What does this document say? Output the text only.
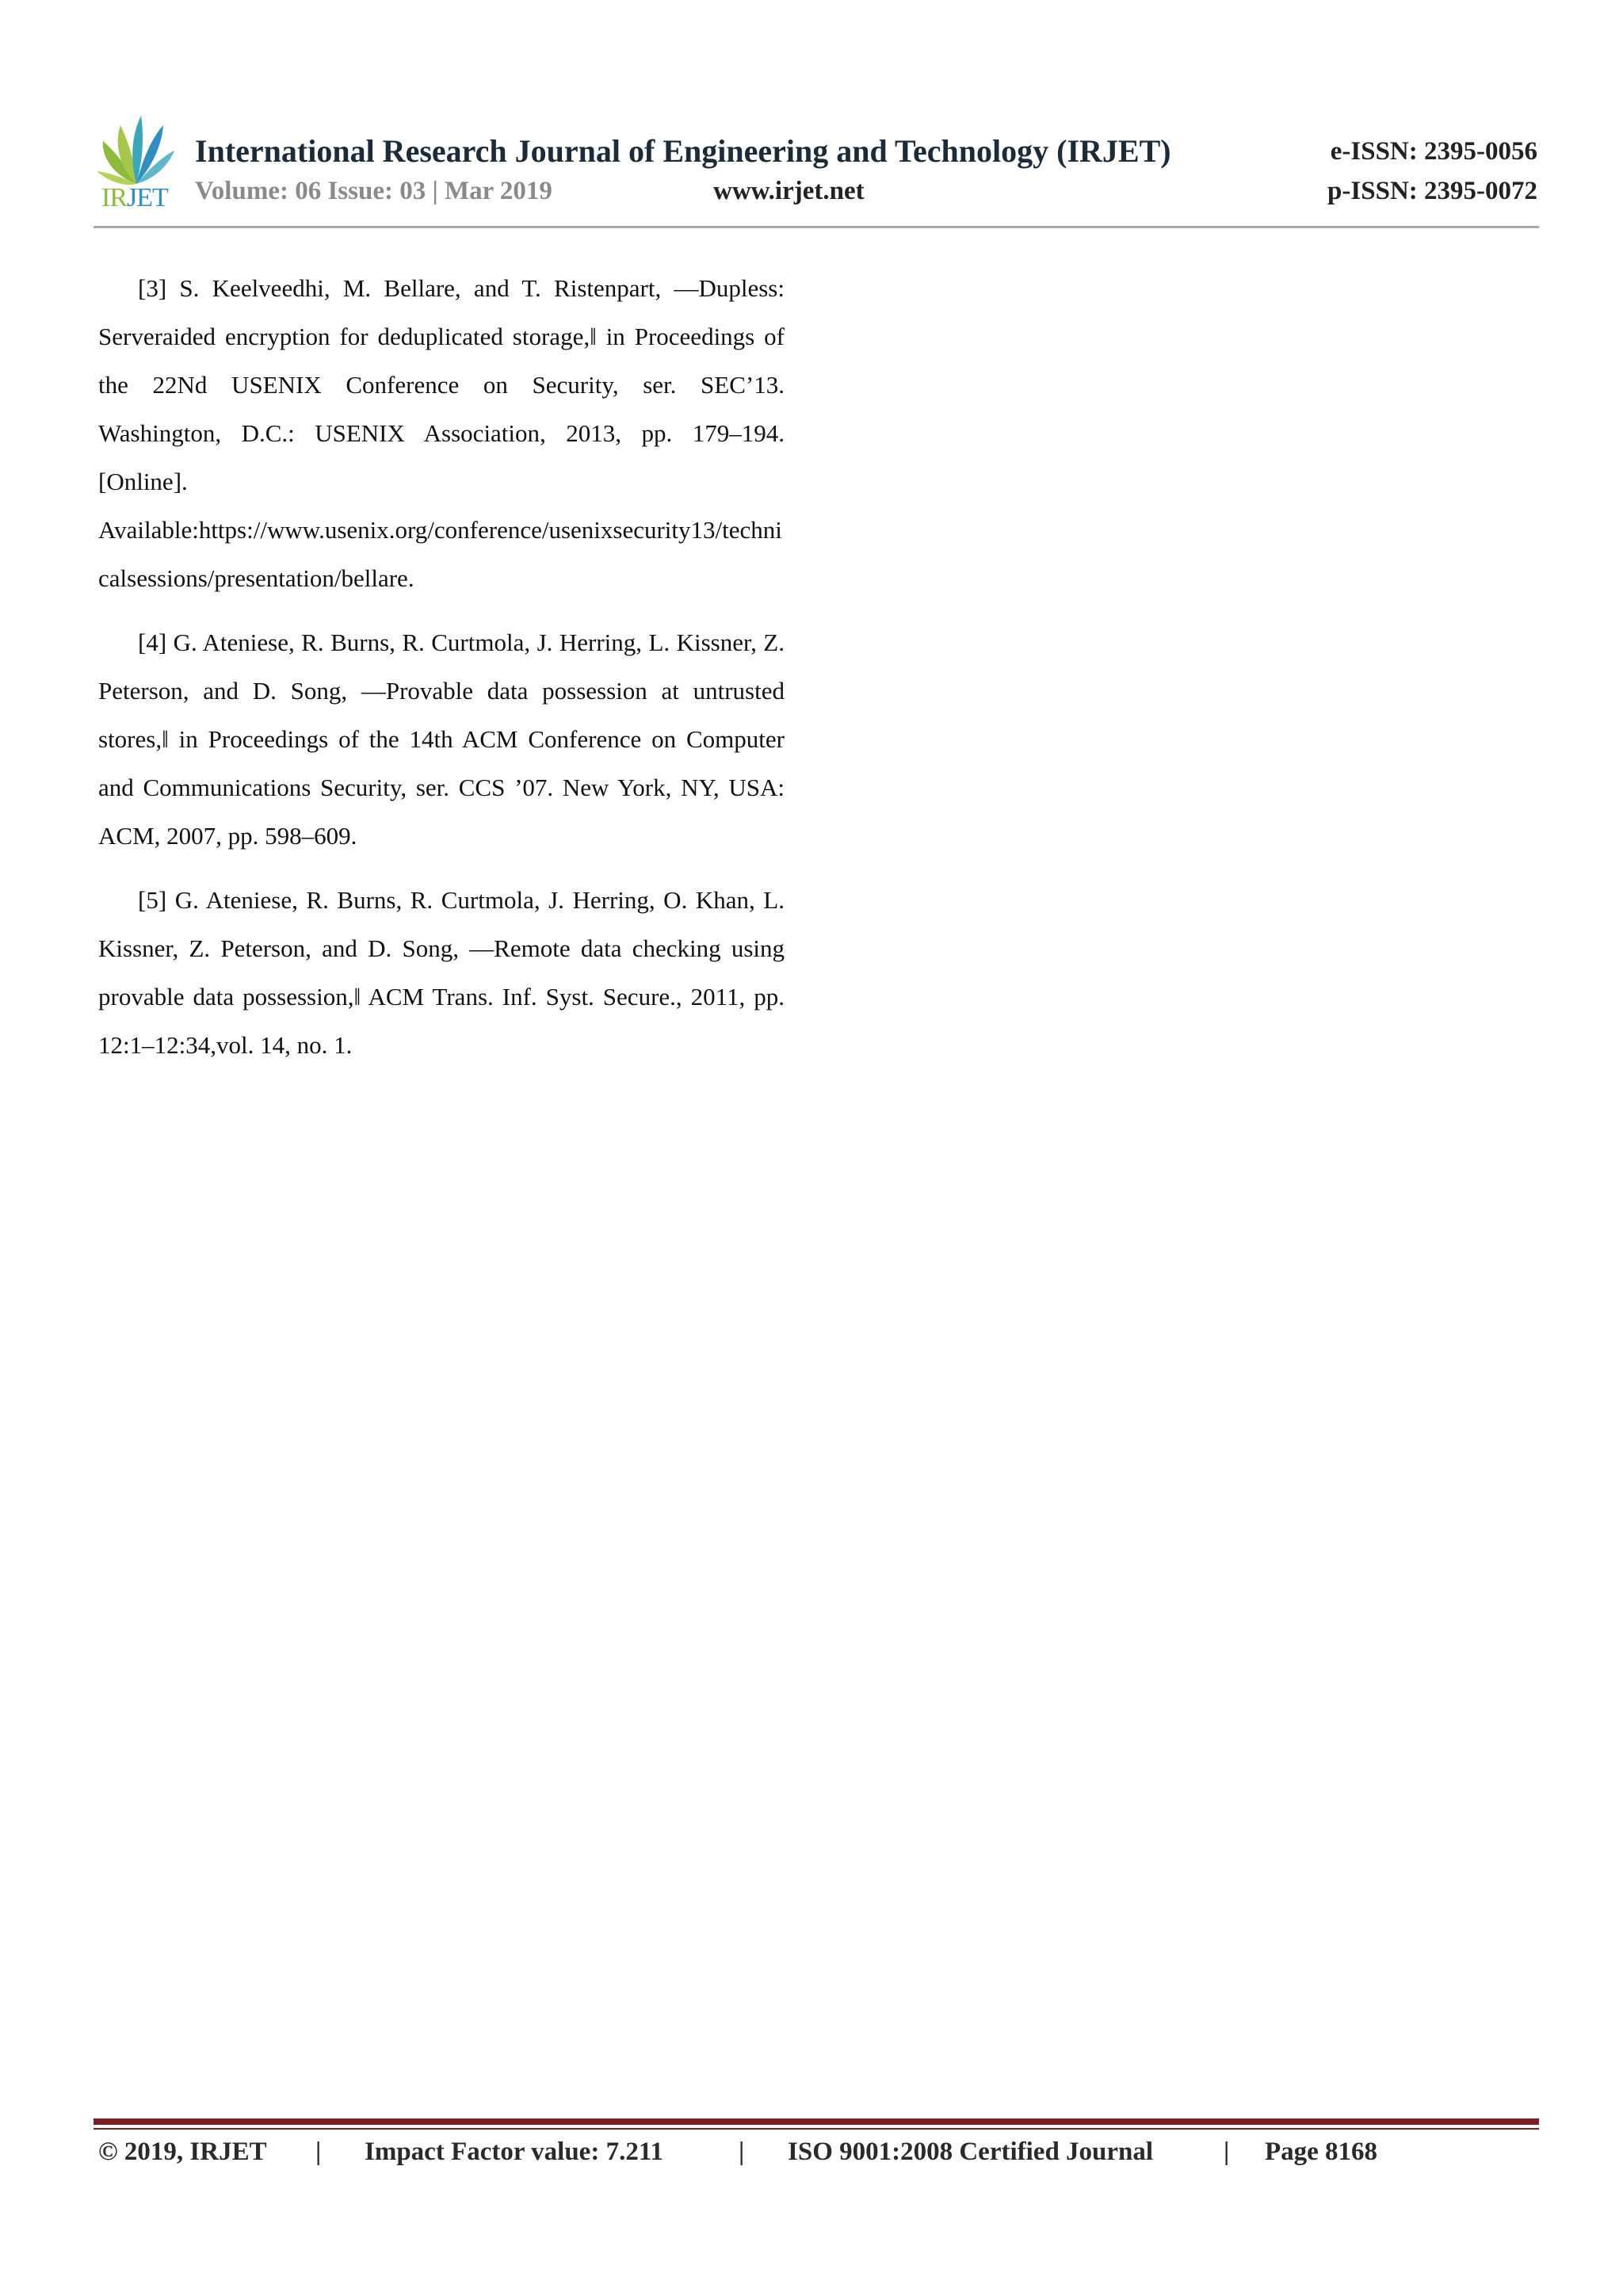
IRJET
International Research Journal of Engineering and Technology (IRJET)
Volume: 06 Issue: 03 | Mar 2019	www.irjet.net
e-ISSN: 2395-0056
p-ISSN: 2395-0072

[3] S. Keelveedhi, M. Bellare, and T. Ristenpart, —Dupless: Serveraided encryption for deduplicated storage,‖ in Proceedings of the 22Nd USENIX Conference on Security, ser. SEC’13. Washington, D.C.: USENIX Association, 2013, pp. 179–194. [Online]. Available:https://www.usenix.org/conference/usenixsecurity13/technicalsessions/presentation/bellare.

[4] G. Ateniese, R. Burns, R. Curtmola, J. Herring, L. Kissner, Z. Peterson, and D. Song, —Provable data possession at untrusted stores,‖ in Proceedings of the 14th ACM Conference on Computer and Communications Security, ser. CCS ’07. New York, NY, USA: ACM, 2007, pp. 598–609.

[5] G. Ateniese, R. Burns, R. Curtmola, J. Herring, O. Khan, L. Kissner, Z. Peterson, and D. Song, —Remote data checking using provable data possession,‖ ACM Trans. Inf. Syst. Secure., 2011, pp. 12:1–12:34,vol. 14, no. 1.

© 2019, IRJET | Impact Factor value: 7.211	| ISO 9001:2008 Certified Journal	| Page 8168
